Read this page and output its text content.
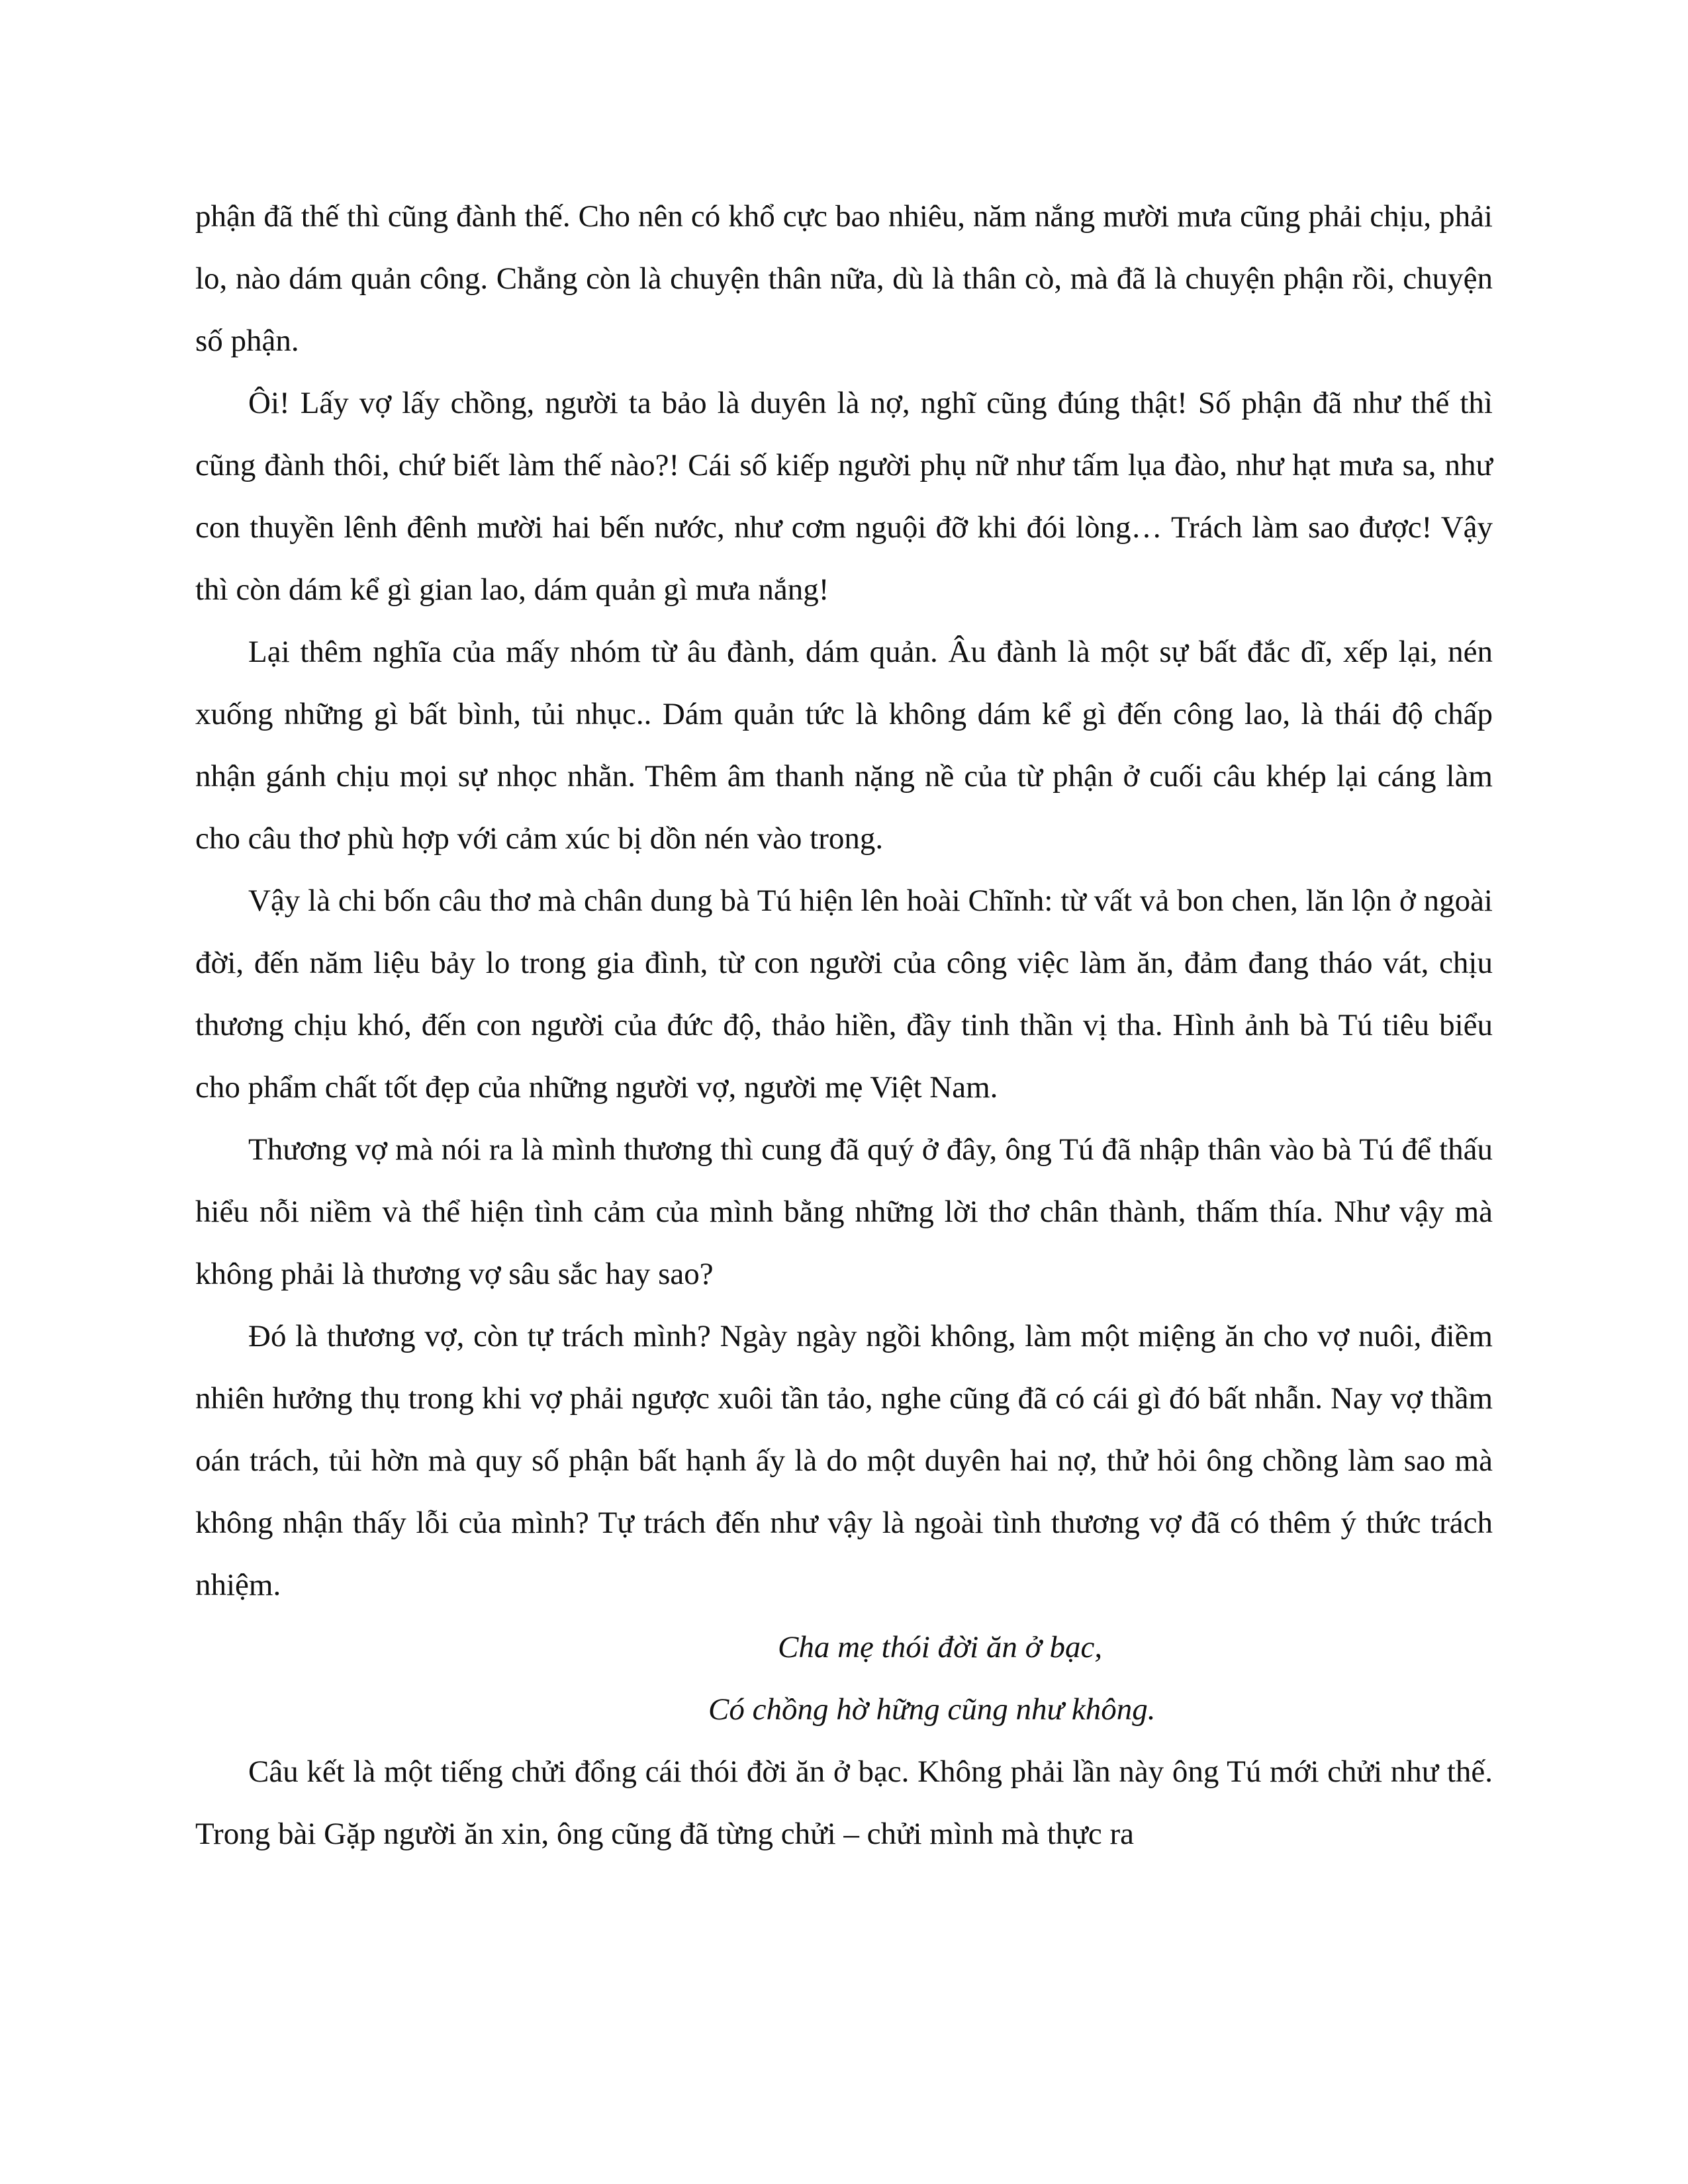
phận đã thế thì cũng đành thế. Cho nên có khổ cực bao nhiêu, năm nắng mười mưa cũng phải chịu, phải lo, nào dám quản công. Chẳng còn là chuyện thân nữa, dù là thân cò, mà đã là chuyện phận rồi, chuyện số phận.

Ôi! Lấy vợ lấy chồng, người ta bảo là duyên là nợ, nghĩ cũng đúng thật! Số phận đã như thế thì cũng đành thôi, chứ biết làm thế nào?! Cái số kiếp người phụ nữ như tấm lụa đào, như hạt mưa sa, như con thuyền lênh đênh mười hai bến nước, như cơm nguội đỡ khi đói lòng… Trách làm sao được! Vậy thì còn dám kể gì gian lao, dám quản gì mưa nắng!

Lại thêm nghĩa của mấy nhóm từ âu đành, dám quản. Âu đành là một sự bất đắc dĩ, xếp lại, nén xuống những gì bất bình, tủi nhục.. Dám quản tức là không dám kể gì đến công lao, là thái độ chấp nhận gánh chịu mọi sự nhọc nhằn. Thêm âm thanh nặng nề của từ phận ở cuối câu khép lại cáng làm cho câu thơ phù hợp với cảm xúc bị dồn nén vào trong.

Vậy là chi bốn câu thơ mà chân dung bà Tú hiện lên hoài Chĩnh: từ vất vả bon chen, lăn lộn ở ngoài đời, đến năm liệu bảy lo trong gia đình, từ con người của công việc làm ăn, đảm đang tháo vát, chịu thương chịu khó, đến con người của đức độ, thảo hiền, đầy tinh thần vị tha. Hình ảnh bà Tú tiêu biểu cho phẩm chất tốt đẹp của những người vợ, người mẹ Việt Nam.

Thương vợ mà nói ra là mình thương thì cung đã quý ở đây, ông Tú đã nhập thân vào bà Tú để thấu hiểu nỗi niềm và thể hiện tình cảm của mình bằng những lời thơ chân thành, thấm thía. Như vậy mà không phải là thương vợ sâu sắc hay sao?

Đó là thương vợ, còn tự trách mình? Ngày ngày ngồi không, làm một miệng ăn cho vợ nuôi, điềm nhiên hưởng thụ trong khi vợ phải ngược xuôi tần tảo, nghe cũng đã có cái gì đó bất nhẫn. Nay vợ thầm oán trách, tủi hờn mà quy số phận bất hạnh ấy là do một duyên hai nợ, thử hỏi ông chồng làm sao mà không nhận thấy lỗi của mình? Tự trách đến như vậy là ngoài tình thương vợ đã có thêm ý thức trách nhiệm.

Cha mẹ thói đời ăn ở bạc,

Có chồng hờ hững cũng như không.

Câu kết là một tiếng chửi đổng cái thói đời ăn ở bạc. Không phải lần này ông Tú mới chửi như thế. Trong bài Gặp người ăn xin, ông cũng đã từng chửi – chửi mình mà thực ra
